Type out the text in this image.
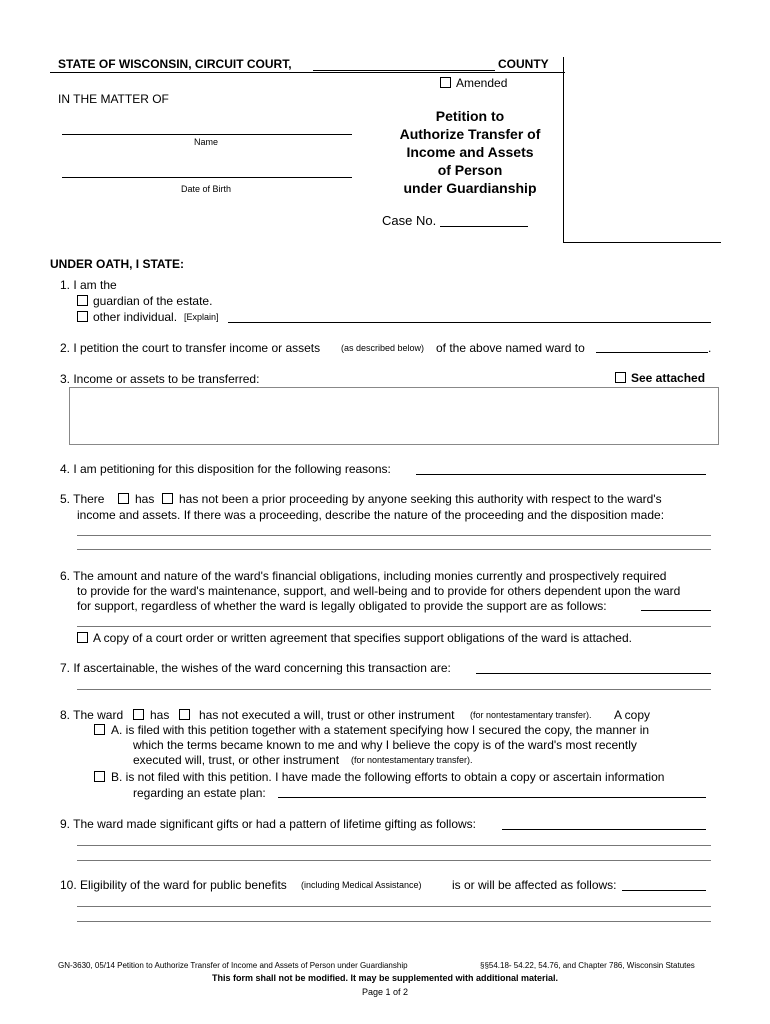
STATE OF WISCONSIN, CIRCUIT COURT,	COUNTY
Amended
IN THE MATTER OF
Name
Date of Birth
Petition to
Authorize Transfer of
Income and Assets
of Person
under Guardianship
Case No.
UNDER OATH, I STATE:
1. I am the
guardian of the estate.
other individual. [Explain]
2. I petition the court to transfer income or assets (as described below) of the above named ward to	.
3. Income or assets to be transferred:	See attached
4. I am petitioning for this disposition for the following reasons:
5. There	has has not been a prior proceeding by anyone seeking this authority with respect to the ward's
income and assets. If there was a proceeding, describe the nature of the proceeding and the disposition made:
6. The amount and nature of the ward's financial obligations, including monies currently and prospectively required
to provide for the ward's maintenance, support, and well-being and to provide for others dependent upon the ward
for support, regardless of whether the ward is legally obligated to provide the support are as follows:
A copy of a court order or written agreement that specifies support obligations of the ward is attached.
7. If ascertainable, the wishes of the ward concerning this transaction are:
8. The ward has has not executed a will, trust or other instrument (for nontestamentary transfer). A copy
A. is filed with this petition together with a statement specifying how I secured the copy, the manner in
which the terms became known to me and why I believe the copy is of the ward's most recently
executed will, trust, or other instrument (for nontestamentary transfer).
B. is not filed with this petition. I have made the following efforts to obtain a copy or ascertain information
regarding an estate plan:
9. The ward made significant gifts or had a pattern of lifetime gifting as follows:
10. Eligibility of the ward for public benefits (including Medical Assistance)	is or will be affected as follows:
GN-3630, 05/14 Petition to Authorize Transfer of Income and Assets of Person under Guardianship	§§54.18- 54.22, 54.76, and Chapter 786, Wisconsin Statutes
This form shall not be modified. It may be supplemented with additional material.
Page 1 of 2
